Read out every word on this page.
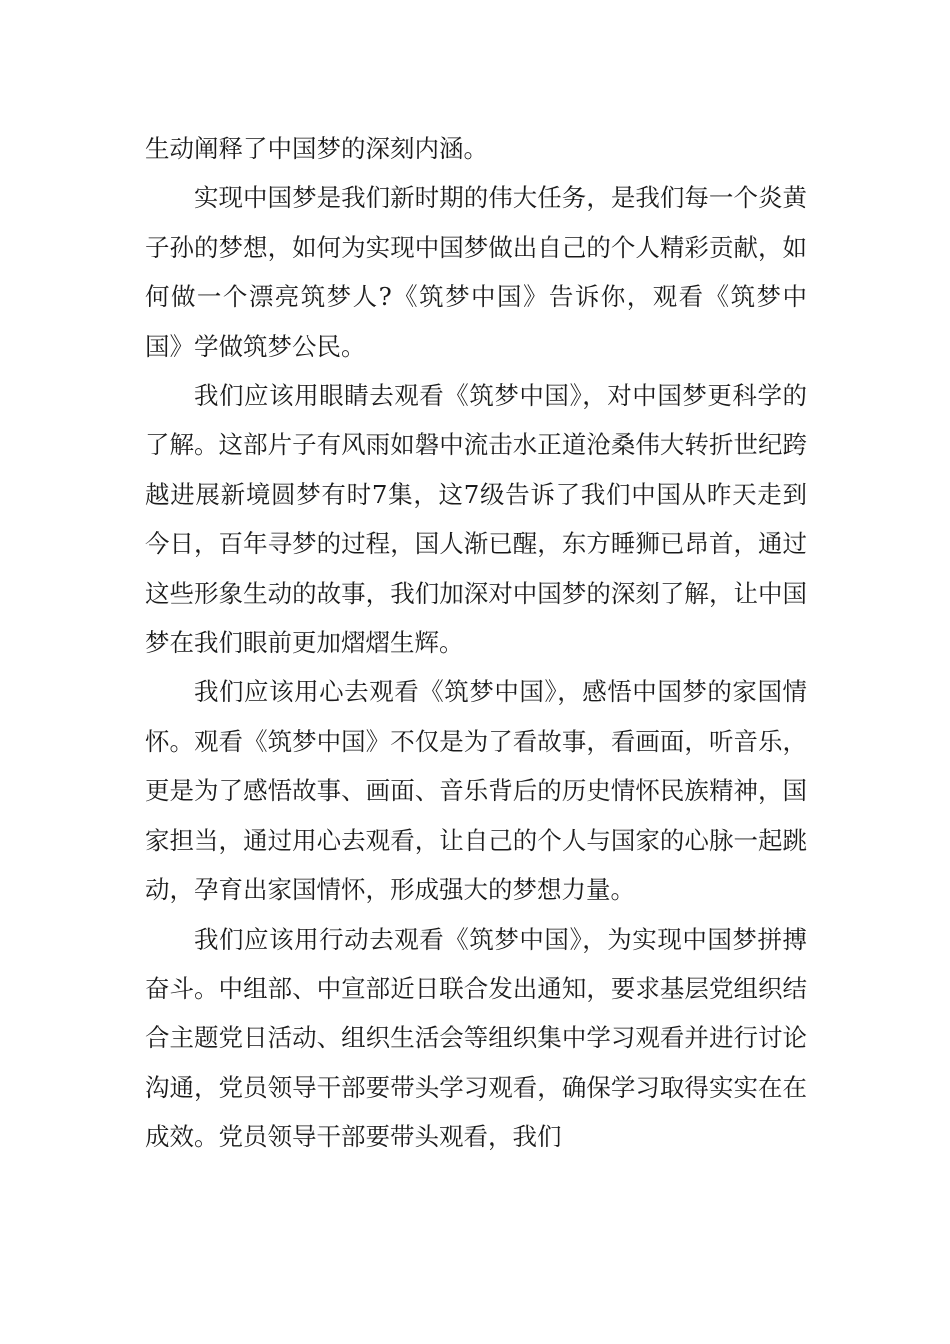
生动阐释了中国梦的深刻内涵。

实现中国梦是我们新时期的伟大任务，是我们每一个炎黄子孙的梦想，如何为实现中国梦做出自己的个人精彩贡献，如何做一个漂亮筑梦人?《筑梦中国》告诉你，观看《筑梦中国》学做筑梦公民。

我们应该用眼睛去观看《筑梦中国》，对中国梦更科学的了解。这部片子有风雨如磐中流击水正道沧桑伟大转折世纪跨越进展新境圆梦有时7集，这7级告诉了我们中国从昨天走到今日，百年寻梦的过程，国人渐已醒，东方睡狮已昂首，通过这些形象生动的故事，我们加深对中国梦的深刻了解，让中国梦在我们眼前更加熠熠生辉。

我们应该用心去观看《筑梦中国》，感悟中国梦的家国情怀。观看《筑梦中国》不仅是为了看故事，看画面，听音乐，更是为了感悟故事、画面、音乐背后的历史情怀民族精神，国家担当，通过用心去观看，让自己的个人与国家的心脉一起跳动，孕育出家国情怀，形成强大的梦想力量。

我们应该用行动去观看《筑梦中国》，为实现中国梦拼搏奋斗。中组部、中宣部近日联合发出通知，要求基层党组织结合主题党日活动、组织生活会等组织集中学习观看并进行讨论沟通，党员领导干部要带头学习观看，确保学习取得实实在在成效。党员领导干部要带头观看，我们
